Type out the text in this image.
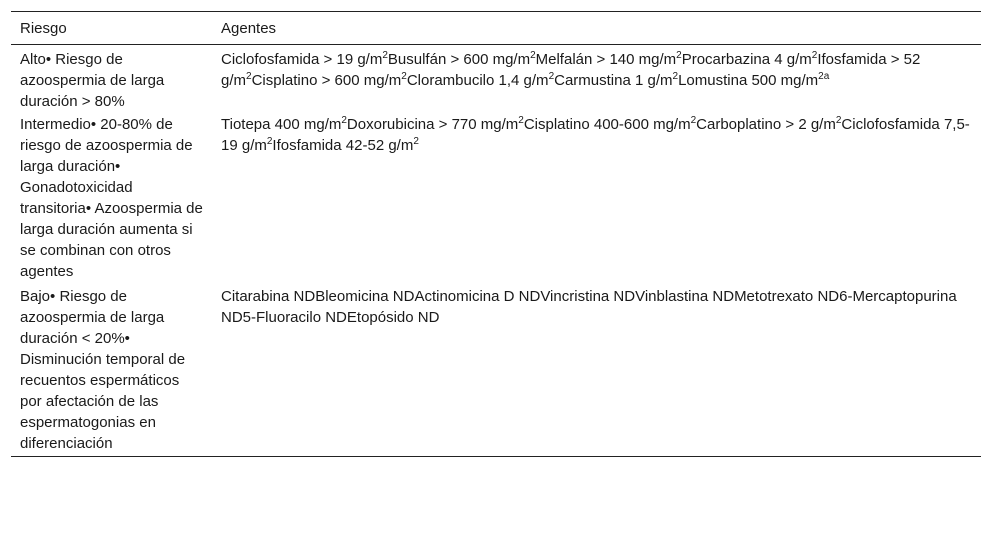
Riesgo	Agentes
Alto• Riesgo de azoospermia de larga duración > 80%	Ciclofosfamida > 19 $g/m^2Busulfán > 600$ $mg/m^2Melfalán > 140$ $mg/m^2Procarbazina$ 4 $g/m^2Ifosfamida > 52$ $g/m^2Cisplatino > 600$ $mg/m^2Clorambucilo$ 1,4 $g/m^2Carmustina$ 1 $g/m^2Lomustina$ 500 $mg/m^{2a}$
Intermedio• 20-80% de riesgo de azoospermia de larga duración• Gonadotoxicidad transitoria• Azoospermia de larga duración aumenta si se combinan con otros agentes	Tiotepa 400 $mg/m^2Doxorubicina > 770$ $mg/m^2Cisplatino$ 400-600 $mg/m^2Carboplatino > 2$ $g/m^2Ciclofosfamida$ 7,5-19 $g/m^2Ifosfamida$ 42-52 $g/m^2$
Bajo• Riesgo de azoospermia de larga duración < 20%• Disminución temporal de recuentos espermáticos por afectación de las espermatogonias en diferenciación	Citarabina NDBleomicina NDActinomicina D NDVincristina NDVinblastina NDMetotrexato ND6-Mercaptopurina ND5-Fluoracilo NDEtopósido ND
